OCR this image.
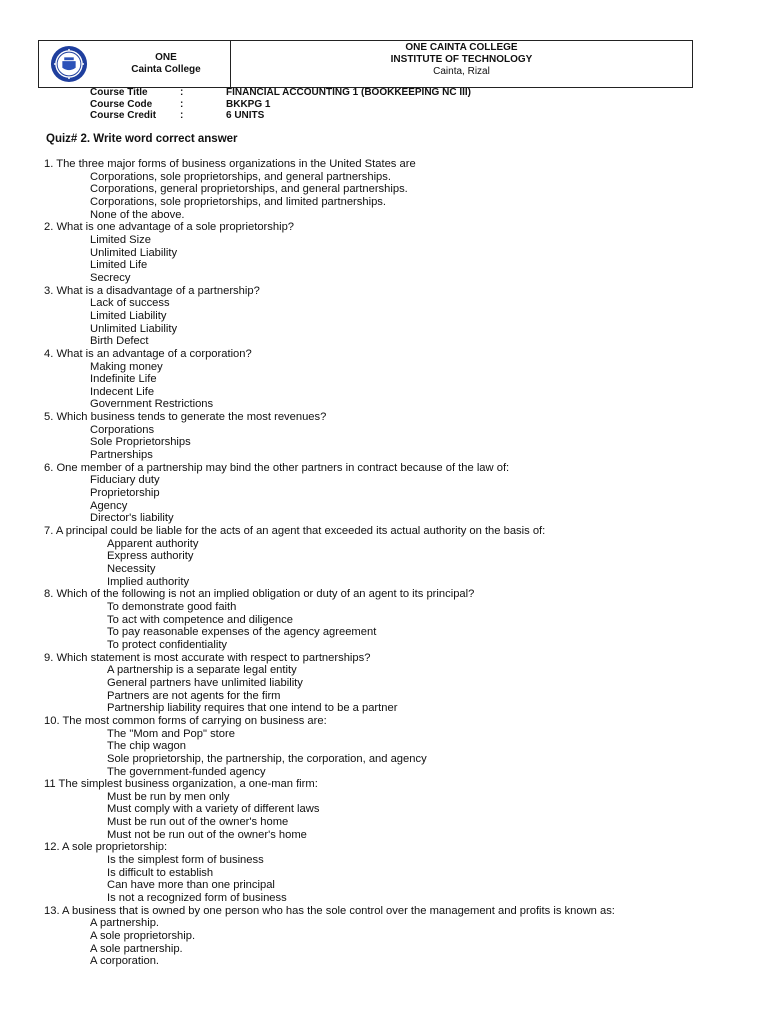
ONE
Cainta College
ONE CAINTA COLLEGE
INSTITUTE OF TECHNOLOGY
Cainta, Rizal
Course Title	:	FINANCIAL ACCOUNTING 1 (BOOKKEEPING NC III)
Course Code	:	BKKPG 1
Course Credit	:	6 UNITS
Quiz# 2. Write word correct answer
1. The three major forms of business organizations in the United States are
Corporations, sole proprietorships, and general partnerships.
Corporations, general proprietorships, and general partnerships.
Corporations, sole proprietorships, and limited partnerships.
None of the above.
2. What is one advantage of a sole proprietorship?
Limited Size
Unlimited Liability
Limited Life
Secrecy
3. What is a disadvantage of a partnership?
Lack of success
Limited Liability
Unlimited Liability
Birth Defect
4. What is an advantage of a corporation?
Making money
Indefinite Life
Indecent Life
Government Restrictions
5. Which business tends to generate the most revenues?
Corporations
Sole Proprietorships
Partnerships
6. One member of a partnership may bind the other partners in contract because of the law of:
Fiduciary duty
Proprietorship
Agency
Director's liability
7. A principal could be liable for the acts of an agent that exceeded its actual authority on the basis of:
Apparent authority
Express authority
Necessity
Implied authority
8. Which of the following is not an implied obligation or duty of an agent to its principal?
To demonstrate good faith
To act with competence and diligence
To pay reasonable expenses of the agency agreement
To protect confidentiality
9. Which statement is most accurate with respect to partnerships?
A partnership is a separate legal entity
General partners have unlimited liability
Partners are not agents for the firm
Partnership liability requires that one intend to be a partner
10. The most common forms of carrying on business are:
The "Mom and Pop" store
The chip wagon
Sole proprietorship, the partnership, the corporation, and agency
The government-funded agency
11 The simplest business organization, a one-man firm:
Must be run by men only
Must comply with a variety of different laws
Must be run out of the owner's home
Must not be run out of the owner's home
12. A sole proprietorship:
Is the simplest form of business
Is difficult to establish
Can have more than one principal
Is not a recognized form of business
13. A business that is owned by one person who has the sole control over the management and profits is known as:
A partnership.
A sole proprietorship.
A sole partnership.
A corporation.
